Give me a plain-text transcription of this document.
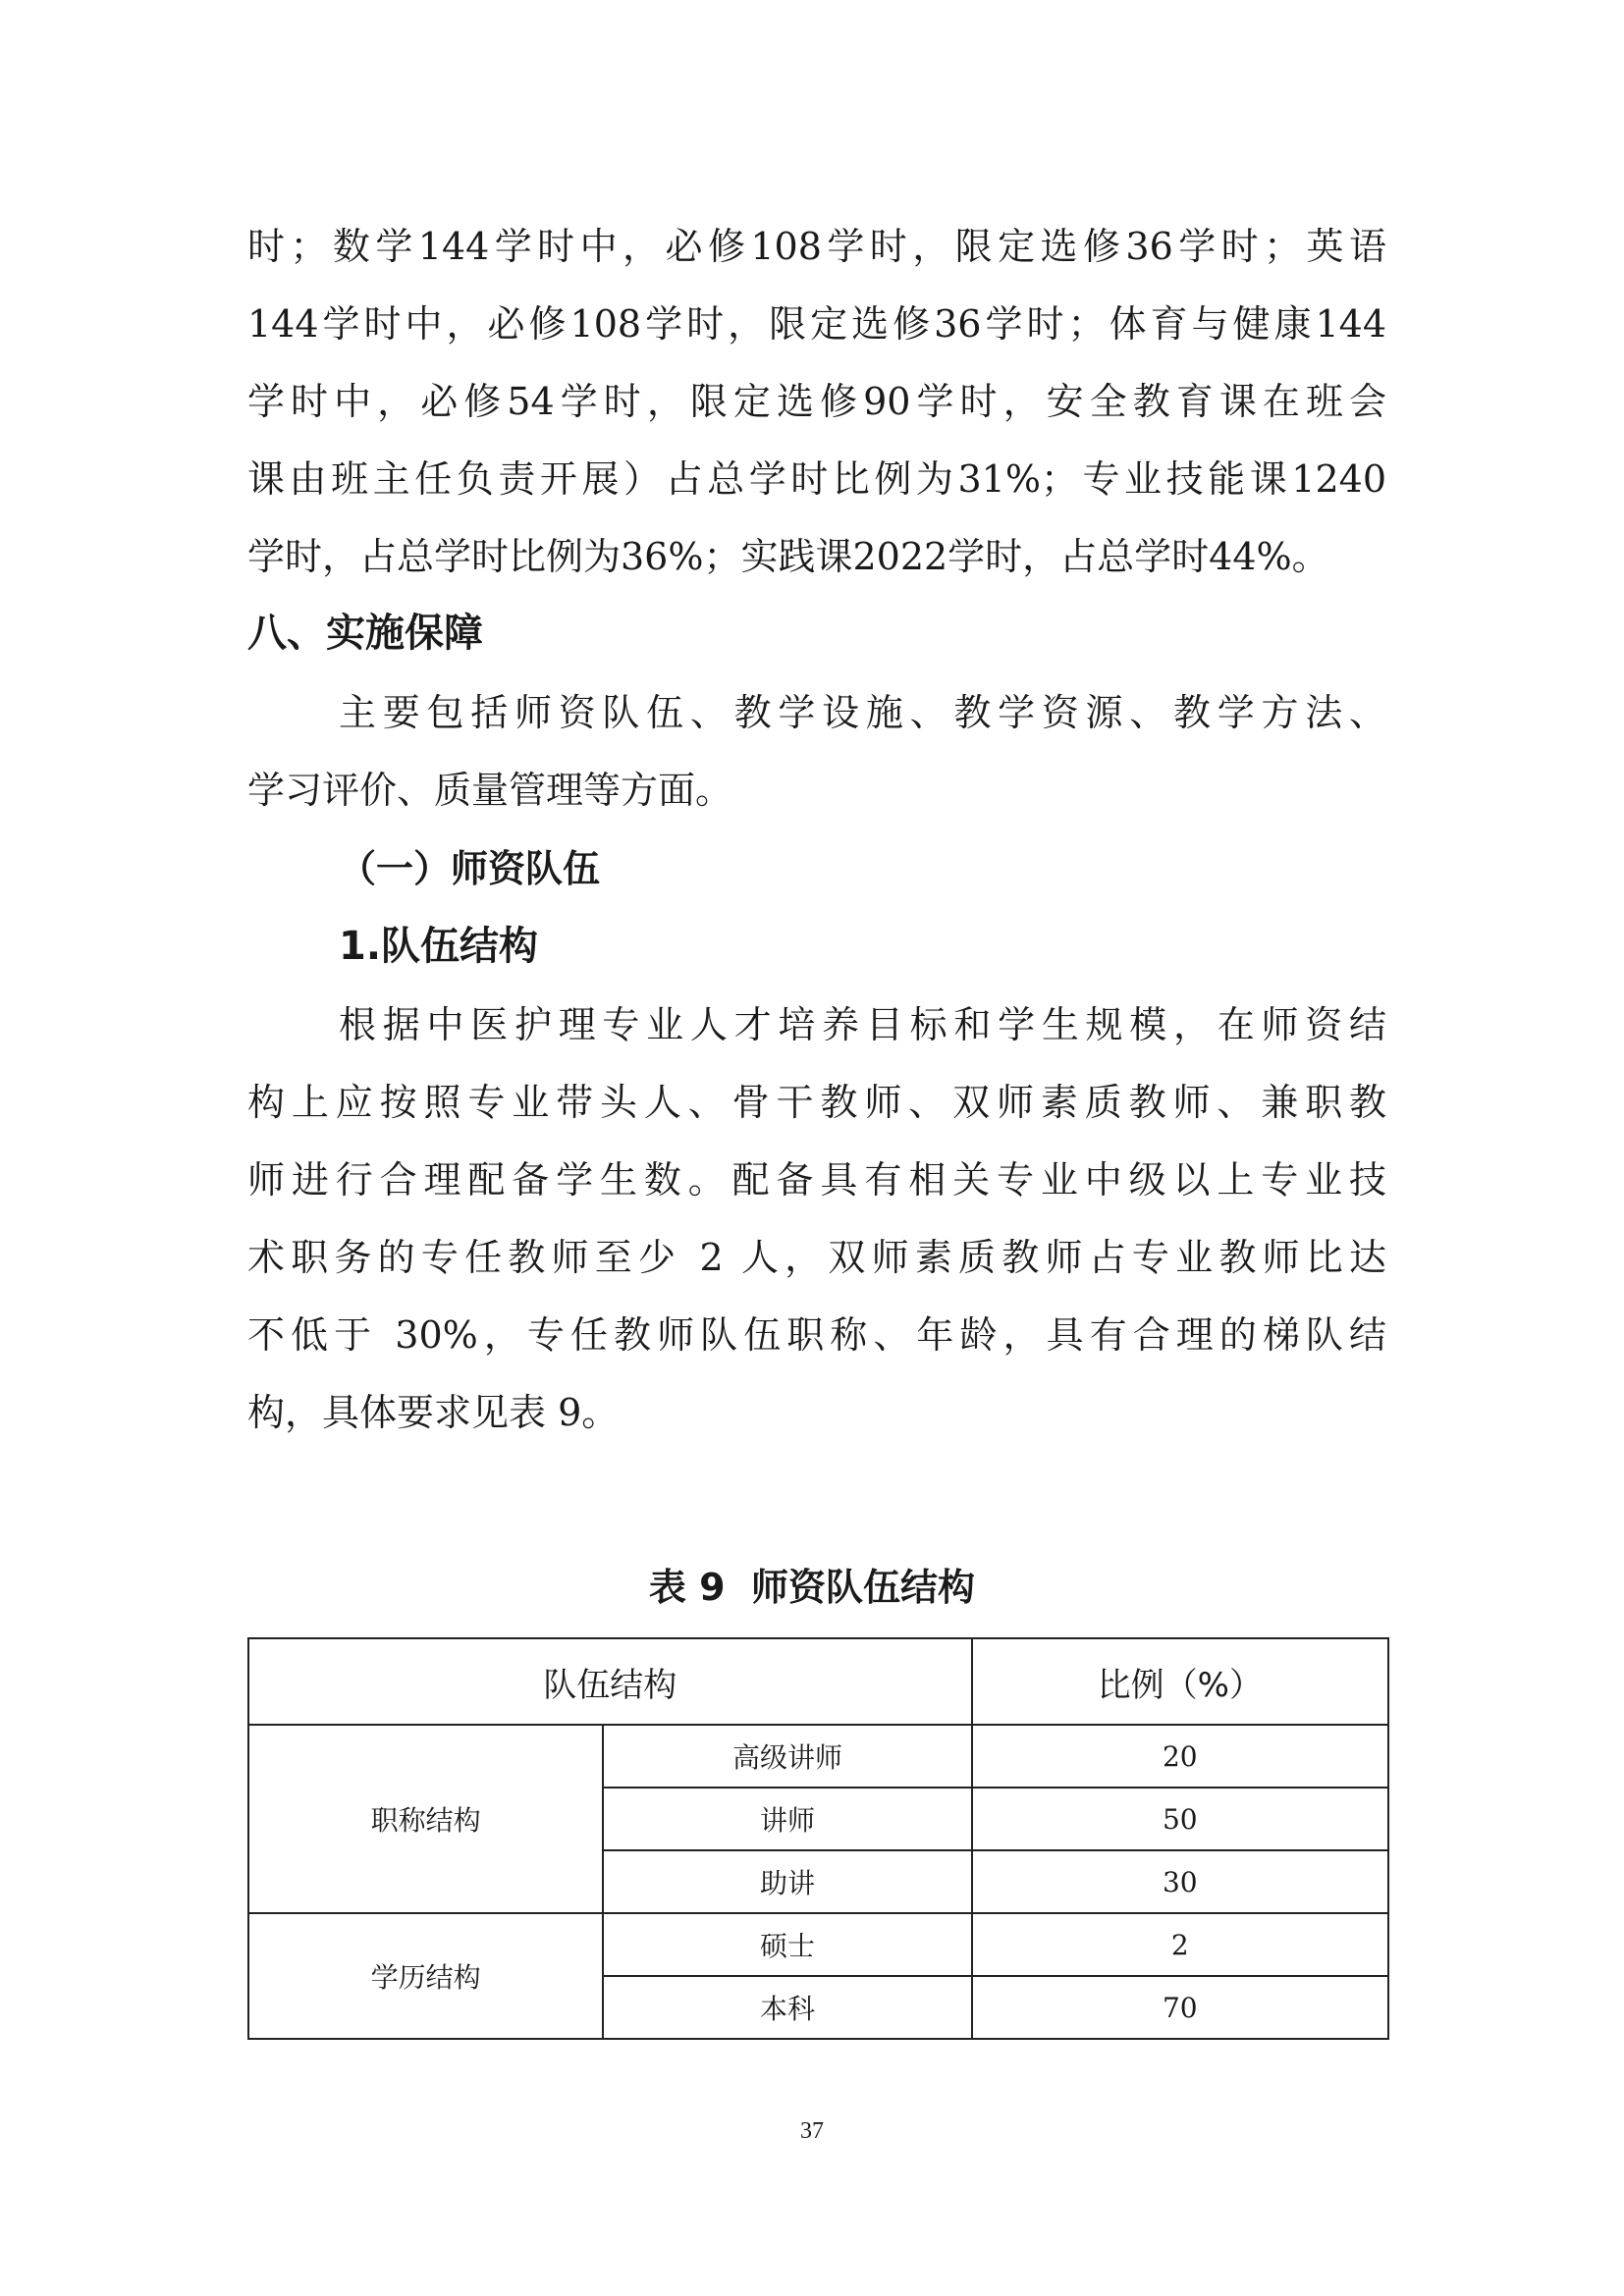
时；数学144学时中，必修108学时，限定选修36学时；英语

144学时中，必修108学时，限定选修36学时；体育与健康144

学时中，必修54学时，限定选修90学时，安全教育课在班会

课由班主任负责开展）占总学时比例为31%；专业技能课1240

学时，占总学时比例为36%；实践课2022学时，占总学时44%。

八、实施保障

主要包括师资队伍、教学设施、教学资源、教学方法、

学习评价、质量管理等方面。

（一）师资队伍
1.队伍结构

根据中医护理专业人才培养目标和学生规模，在师资结

构上应按照专业带头人、骨干教师、双师素质教师、兼职教

师进行合理配备学生数。配备具有相关专业中级以上专业技

术职务的专任教师至少 2 人，双师素质教师占专业教师比达

不低于 30%，专任教师队伍职称、年龄，具有合理的梯队结

构，具体要求见表 9。

表 9  师资队伍结构

队伍结构		比例（%）
职称结构	高级讲师	20
	讲师	50
	助讲	30
学历结构	硕士	2
	本科	70
37
